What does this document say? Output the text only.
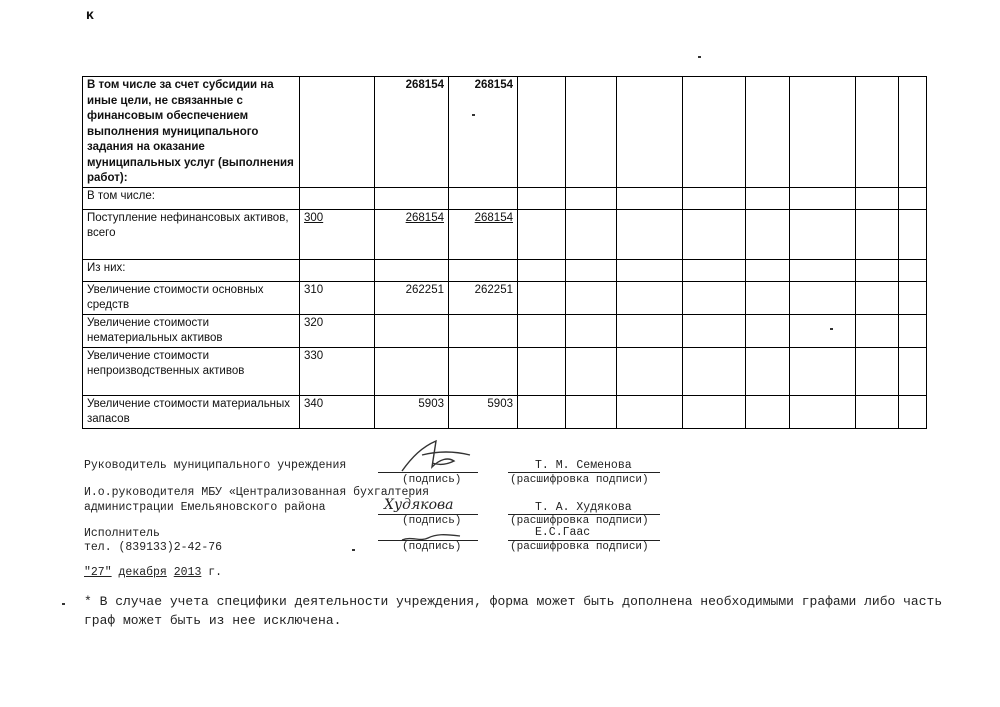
ᴋ
В том числе за счет субсидии на иные цели, не связанные с финансовым обеспечением выполнения муниципального задания на оказание муниципальных услуг (выполнения работ):		268154	268154								
В том числе:											
Поступление нефинансовых активов, всего	300	268154	268154								
Из них:											
Увеличение стоимости основных средств	310	262251	262251								
Увеличение стоимости нематериальных активов	320										
Увеличение стоимости непроизводственных активов	330										
Увеличение стоимости материальных запасов	340	5903	5903								
Руководитель муниципального учреждения
(подпись)
Т. М. Семенова
(расшифровка подписи)
И.о.руководителя МБУ «Централизованная бухгалтерия
администрации Емельяновского района	Худякова
(подпись)
Т. А. Худякова
(расшифровка подписи)
Исполнитель
тел. (839133)2-42-76	(подпись)
Е.С.Гаас
(расшифровка подписи)
"27" декабря 2013 г.
* В случае учета специфики деятельности учреждения, форма может быть дополнена необходимыми графами либо часть граф может быть из нее исключена.
